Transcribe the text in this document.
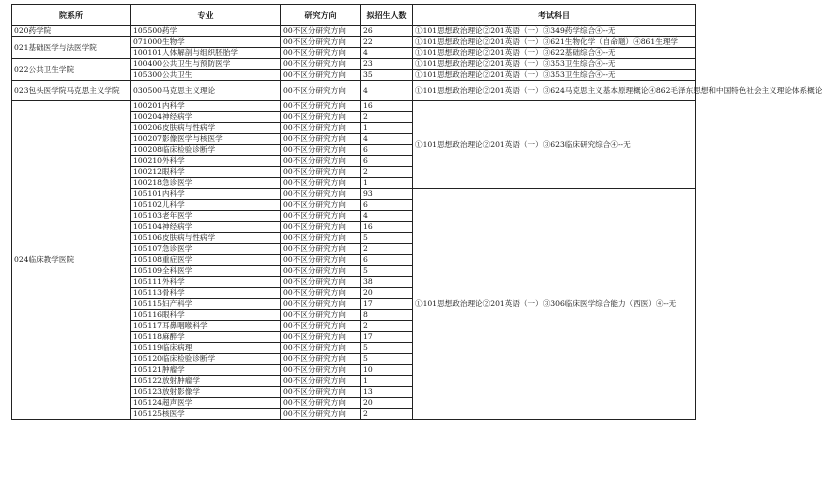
院系所	专业	研究方向	拟招生人数	考试科目
020药学院	105500药学	00不区分研究方向	26	①101思想政治理论②201英语（一）③349药学综合④--无
021基础医学与法医学院	071000生物学	00不区分研究方向	22	①101思想政治理论②201英语（一）③621生物化学（自命题）④861生理学
	100101人体解剖与组织胚胎学	00不区分研究方向	4	①101思想政治理论②201英语（一）③622基础综合④--无
022公共卫生学院	100400公共卫生与预防医学	00不区分研究方向	23	①101思想政治理论②201英语（一）③353卫生综合④--无
	105300公共卫生	00不区分研究方向	35	①101思想政治理论②201英语（一）③353卫生综合④--无
023包头医学院马克思主义学院	030500马克思主义理论	00不区分研究方向	4	①101思想政治理论②201英语（一）③624马克思主义基本原理概论④862毛泽东思想和中国特色社会主义理论体系概论
024临床教学医院	100201内科学	00不区分研究方向	16	①101思想政治理论②201英语（一）③623临床研究综合④--无
	100204神经病学	00不区分研究方向	2	
	100206皮肤病与性病学	00不区分研究方向	1	
	100207影像医学与核医学	00不区分研究方向	4	
	100208临床检验诊断学	00不区分研究方向	6	
	100210外科学	00不区分研究方向	6	
	100212眼科学	00不区分研究方向	2	
	100218急诊医学	00不区分研究方向	1	
	105101内科学	00不区分研究方向	93	①101思想政治理论②201英语（一）③306临床医学综合能力（西医）④--无
	105102儿科学	00不区分研究方向	6	
	105103老年医学	00不区分研究方向	4	
	105104神经病学	00不区分研究方向	16	
	105106皮肤病与性病学	00不区分研究方向	5	
	105107急诊医学	00不区分研究方向	2	
	105108重症医学	00不区分研究方向	6	
	105109全科医学	00不区分研究方向	5	
	105111外科学	00不区分研究方向	38	
	105113骨科学	00不区分研究方向	20	
	105115妇产科学	00不区分研究方向	17	
	105116眼科学	00不区分研究方向	8	
	105117耳鼻咽喉科学	00不区分研究方向	2	
	105118麻醉学	00不区分研究方向	17	
	105119临床病理	00不区分研究方向	5	
	105120临床检验诊断学	00不区分研究方向	5	
	105121肿瘤学	00不区分研究方向	10	
	105122放射肿瘤学	00不区分研究方向	1	
	105123放射影像学	00不区分研究方向	13	
	105124超声医学	00不区分研究方向	20	
	105125核医学	00不区分研究方向	2	
